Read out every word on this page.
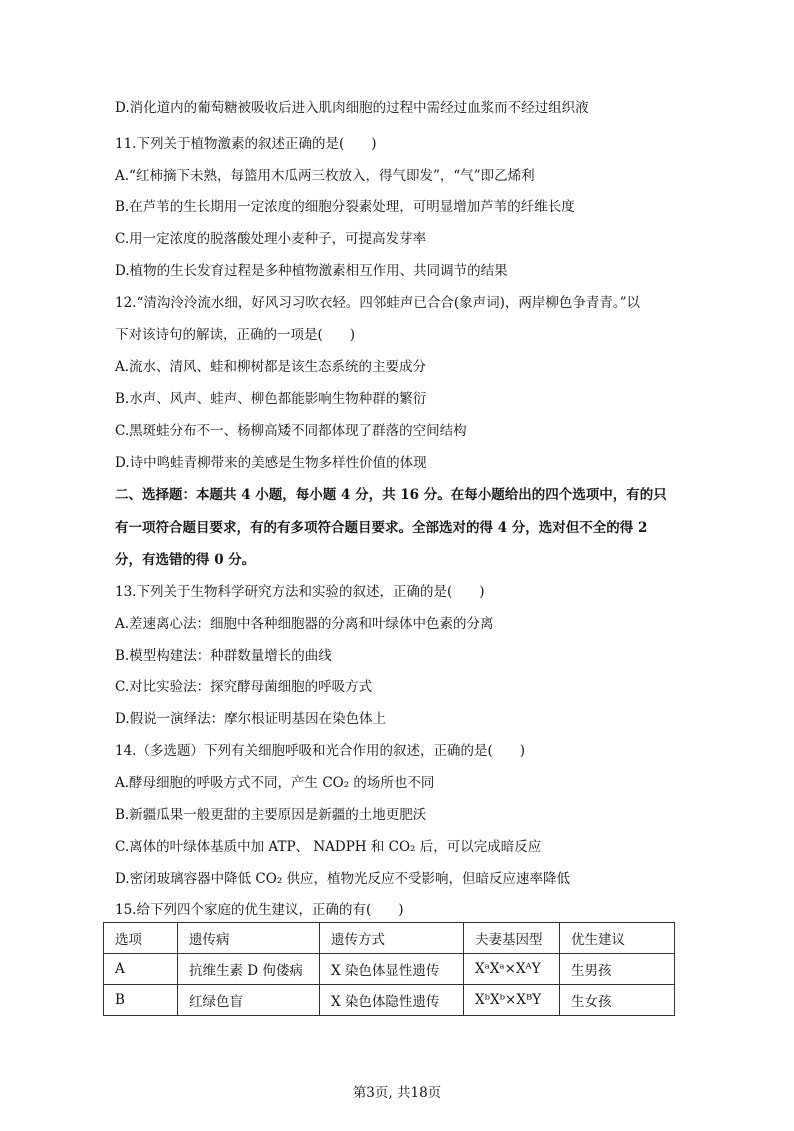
D.消化道内的葡萄糖被吸收后进入肌肉细胞的过程中需经过血浆而不经过组织液
11.下列关于植物激素的叙述正确的是(　　)
A.“红柿摘下未熟，每篮用木瓜两三枚放入，得气即发”，“气”即乙烯利
B.在芦苇的生长期用一定浓度的细胞分裂素处理，可明显增加芦苇的纤维长度
C.用一定浓度的脱落酸处理小麦种子，可提高发芽率
D.植物的生长发育过程是多种植物激素相互作用、共同调节的结果
12.“清沟泠泠流水细，好风习习吹衣轻。四邻蛙声已合合(象声词)，两岸柳色争青青。”以
下对该诗句的解读，正确的一项是(　　)
A.流水、清风、蛙和柳树都是该生态系统的主要成分
B.水声、风声、蛙声、柳色都能影响生物种群的繁衍
C.黑斑蛙分布不一、杨柳高矮不同都体现了群落的空间结构
D.诗中鸣蛙青柳带来的美感是生物多样性价值的体现
二、选择题：本题共 4 小题，每小题 4 分，共 16 分。在每小题给出的四个选项中，有的只
有一项符合题目要求，有的有多项符合题目要求。全部选对的得 4 分，选对但不全的得 2
分，有选错的得 0 分。
13.下列关于生物科学研究方法和实验的叙述，正确的是(　　)
A.差速离心法：细胞中各种细胞器的分离和叶绿体中色素的分离
B.模型构建法：种群数量增长的曲线
C.对比实验法：探究酵母菌细胞的呼吸方式
D.假说一演绎法：摩尔根证明基因在染色体上
14.（多选题）下列有关细胞呼吸和光合作用的叙述，正确的是(　　)
A.酵母细胞的呼吸方式不同，产生 CO₂ 的场所也不同
B.新疆瓜果一般更甜的主要原因是新疆的土地更肥沃
C.离体的叶绿体基质中加 ATP、 NADPH 和 CO₂ 后，可以完成暗反应
D.密闭玻璃容器中降低 CO₂ 供应，植物光反应不受影响，但暗反应速率降低
15.给下列四个家庭的优生建议，正确的有(　　)
选项	遗传病	遗传方式	夫妻基因型	优生建议
A	抗维生素 D 佝偻病	X 染色体显性遗传	XᵃXᵃ×XᴬY	生男孩
B	红绿色盲	X 染色体隐性遗传	XᵇXᵇ×XᴮY	生女孩
第3页, 共18页
